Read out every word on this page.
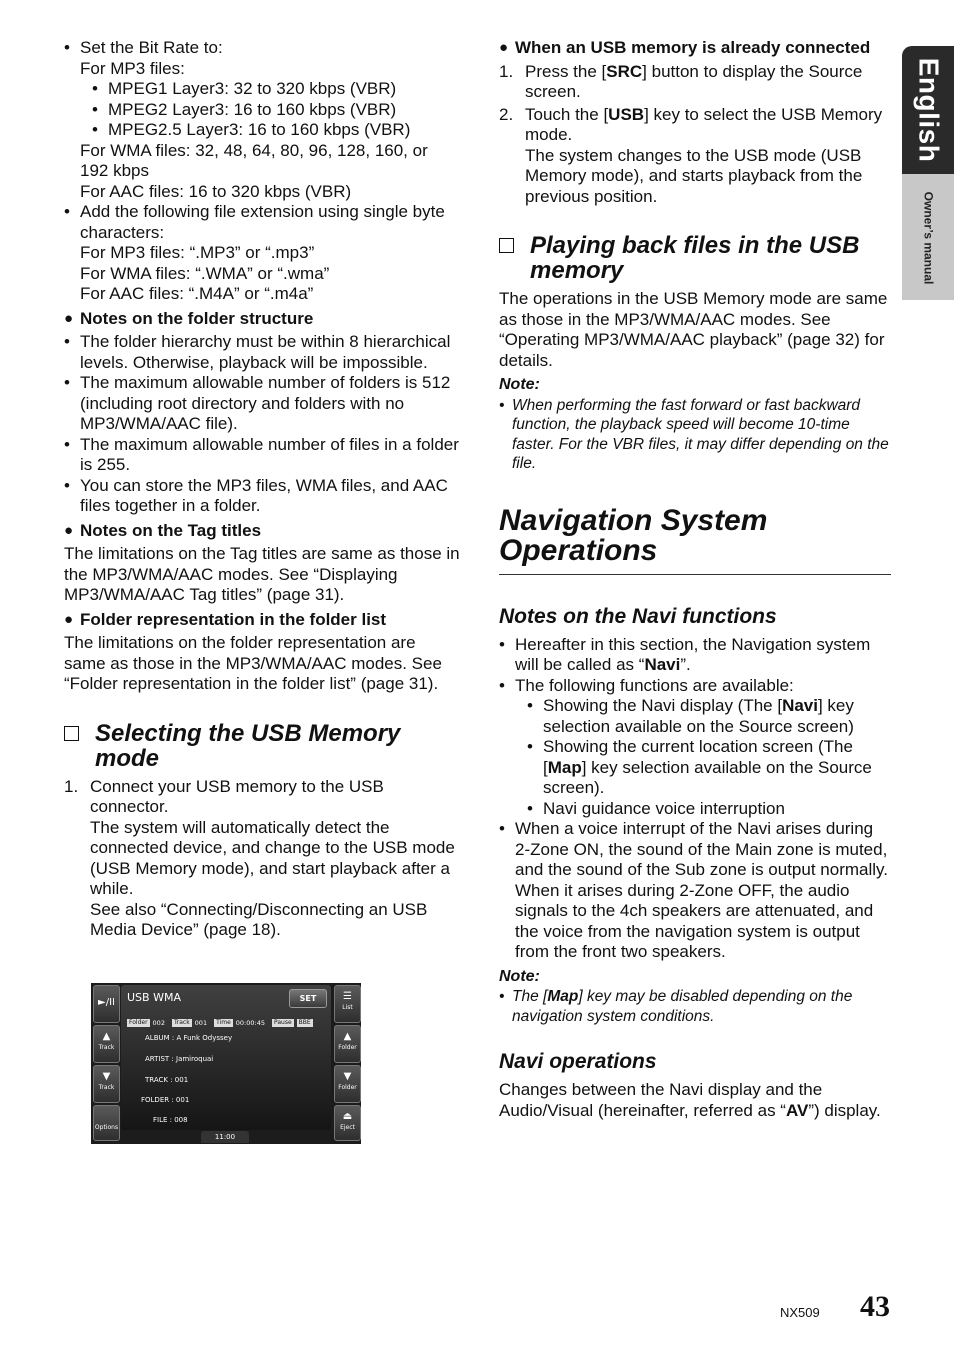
• Set the Bit Rate to:

For MP3 files:

• MPEG1 Layer3: 32 to 320 kbps (VBR)
• MPEG2 Layer3: 16 to 160 kbps (VBR)
• MPEG2.5 Layer3: 16 to 160 kbps (VBR)

For WMA files: 32, 48, 64, 80, 96, 128, 160, or 192 kbps

For AAC files: 16 to 320 kbps (VBR)

• Add the following file extension using single byte characters:

For MP3 files: “.MP3” or “.mp3”

For WMA files: “.WMA” or “.wma”

For AAC files: “.M4A” or “.m4a”

● Notes on the folder structure
• The folder hierarchy must be within 8 hierarchical levels. Otherwise, playback will be impossible.
• The maximum allowable number of folders is 512 (including root directory and folders with no MP3/WMA/AAC file).
• The maximum allowable number of files in a folder is 255.
• You can store the MP3 files, WMA files, and AAC files together in a folder.
● Notes on the Tag titles

The limitations on the Tag titles are same as those in the MP3/WMA/AAC modes. See “Displaying MP3/WMA/AAC Tag titles” (page 31).

● Folder representation in the folder list

The limitations on the folder representation are same as those in the MP3/WMA/AAC modes. See “Folder representation in the folder list” (page 31).

Selecting the USB Memory mode
1. Connect your USB memory to the USB connector.

The system will automatically detect the connected device, and change to the USB mode (USB Memory mode), and start playback after a while.

See also “Connecting/Disconnecting an USB Media Device” (page 18).

►/II
▲
Track
▼
Track
Options
USB WMA	SET
Folder 002	Track 001	Time 00:00:45	Pause	BBE
ALBUM : A Funk Odyssey
ARTIST : Jamiroquai
TRACK : 001
FOLDER : 001
FILE : 008
☰
List
▲
Folder
▼
Folder
⏏
Eject
11:00
● When an USB memory is already connected
1. Press the [SRC] button to display the Source screen.

2. Touch the [USB] key to select the USB Memory mode.

The system changes to the USB mode (USB Memory mode), and starts playback from the previous position.

Playing back files in the USB memory

The operations in the USB Memory mode are same as those in the MP3/WMA/AAC modes. See “Operating MP3/WMA/AAC playback” (page 32) for details.

Note:

• When performing the fast forward or fast backward function, the playback speed will become 10-time faster. For the VBR files, it may differ depending on the file.
Navigation System Operations
Notes on the Navi functions
• Hereafter in this section, the Navigation system will be called as “Navi”.
• The following functions are available:
• Showing the Navi display (The [Navi] key selection available on the Source screen)
• Showing the current location screen (The [Map] key selection available on the Source screen).
• Navi guidance voice interruption
• When a voice interrupt of the Navi arises during 2-Zone ON, the sound of the Main zone is muted, and the sound of the Sub zone is output normally. When it arises during 2-Zone OFF, the audio signals to the 4ch speakers are attenuated, and the voice from the navigation system is output from the front two speakers.

Note:

• The [Map] key may be disabled depending on the navigation system conditions.
Navi operations

Changes between the Navi display and the Audio/Visual (hereinafter, referred as “AV”) display.

English
Owner’s manual
NX509 43
